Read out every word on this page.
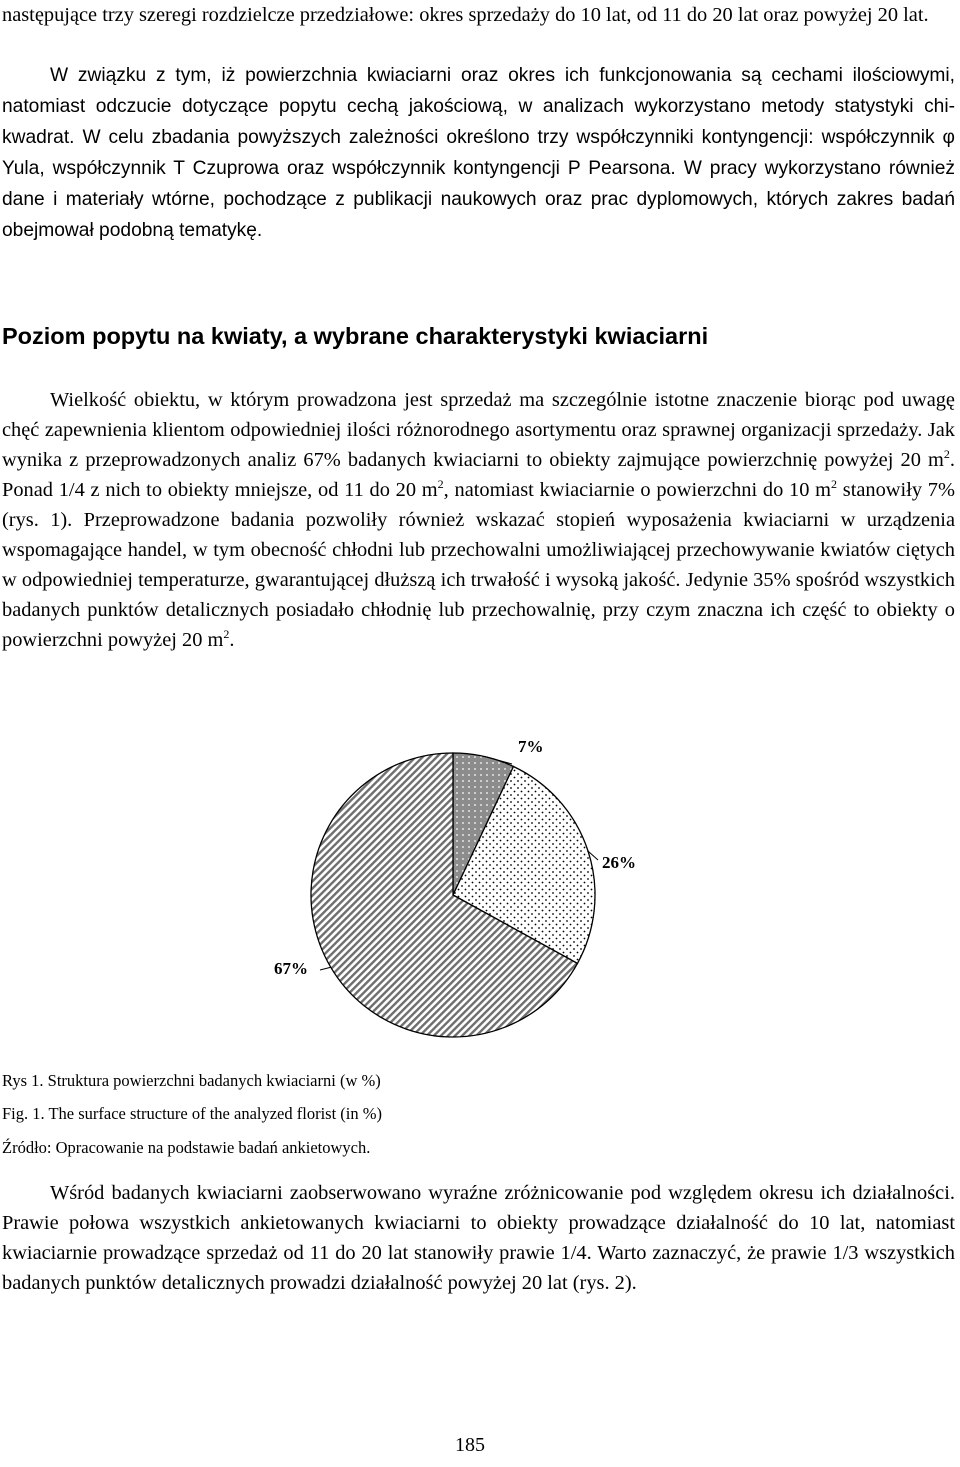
następujące trzy szeregi rozdzielcze przedziałowe: okres sprzedaży do 10 lat, od 11 do 20 lat oraz powyżej 20 lat.

W związku z tym, iż powierzchnia kwiaciarni oraz okres ich funkcjonowania są cechami ilościowymi, natomiast odczucie dotyczące popytu cechą jakościową, w analizach wykorzystano metody statystyki chi-kwadrat. W celu zbadania powyższych zależności określono trzy współczynniki kontyngencji: współczynnik φ Yula, współczynnik T Czuprowa oraz współczynnik kontyngencji P Pearsona. W pracy wykorzystano również dane i materiały wtórne, pochodzące z publikacji naukowych oraz prac dyplomowych, których zakres badań obejmował podobną tematykę.

Poziom popytu na kwiaty, a wybrane charakterystyki kwiaciarni

Wielkość obiektu, w którym prowadzona jest sprzedaż ma szczególnie istotne znaczenie biorąc pod uwagę chęć zapewnienia klientom odpowiedniej ilości różnorodnego asortymentu oraz sprawnej organizacji sprzedaży. Jak wynika z przeprowadzonych analiz 67% badanych kwiaciarni to obiekty zajmujące powierzchnię powyżej 20 $m^2$. Ponad 1/4 z nich to obiekty mniejsze, od 11 do 20 $m^2$, natomiast kwiaciarnie o powierzchni do 10 $m^2$ stanowiły 7% (rys. 1). Przeprowadzone badania pozwoliły również wskazać stopień wyposażenia kwiaciarni w urządzenia wspomagające handel, w tym obecność chłodni lub przechowalni umożliwiającej przechowywanie kwiatów ciętych w odpowiedniej temperaturze, gwarantującej dłuższą ich trwałość i wysoką jakość. Jedynie 35% spośród wszystkich badanych punktów detalicznych posiadało chłodnię lub przechowalnię, przy czym znaczna ich część to obiekty o powierzchni powyżej 20 $m^2$.

7%
26%
67%

Rys 1. Struktura powierzchni badanych kwiaciarni (w %)

Fig. 1. The surface structure of the analyzed florist (in %)

Źródło: Opracowanie na podstawie badań ankietowych.

Wśród badanych kwiaciarni zaobserwowano wyraźne zróżnicowanie pod względem okresu ich działalności. Prawie połowa wszystkich ankietowanych kwiaciarni to obiekty prowadzące działalność do 10 lat, natomiast kwiaciarnie prowadzące sprzedaż od 11 do 20 lat stanowiły prawie 1/4. Warto zaznaczyć, że prawie 1/3 wszystkich badanych punktów detalicznych prowadzi działalność powyżej 20 lat (rys. 2).

185
